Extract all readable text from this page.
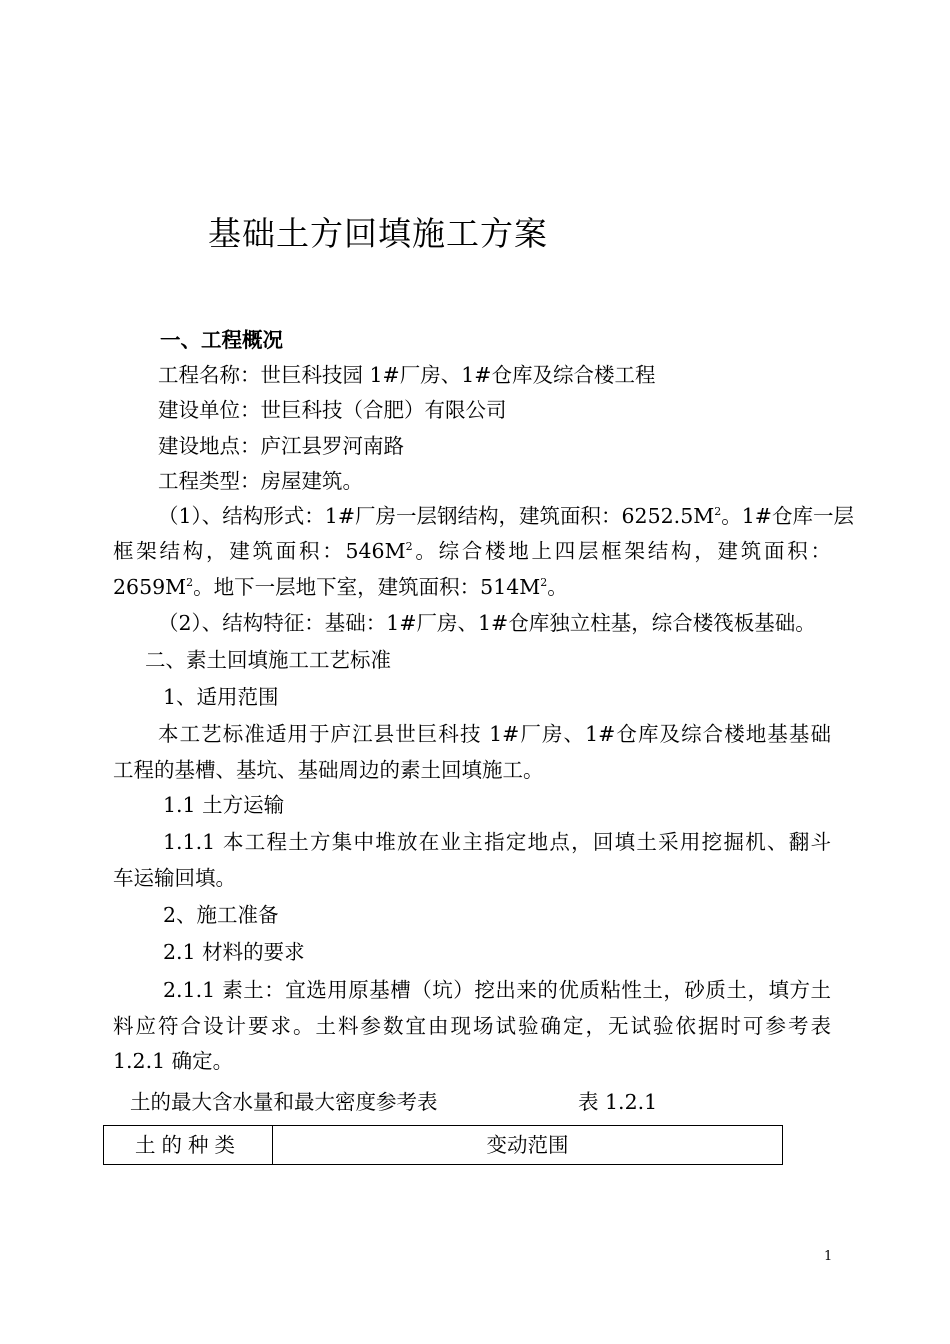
基础土方回填施工方案
一、工程概况
工程名称：世巨科技园 1#厂房、1#仓库及综合楼工程
建设单位：世巨科技（合肥）有限公司
建设地点：庐江县罗河南路
工程类型：房屋建筑。
（1）、结构形式：1#厂房一层钢结构，建筑面积：$6252.5M^2$。1#仓库一层
框架结构，建筑面积：$546M^2$。综合楼地上四层框架结构，建筑面积：
$2659M^2$。地下一层地下室，建筑面积：$514M^2$。
（2）、结构特征：基础：1#厂房、1#仓库独立柱基，综合楼筏板基础。
二、素土回填施工工艺标准
1、适用范围
本工艺标准适用于庐江县世巨科技 1#厂房、1#仓库及综合楼地基基础
工程的基槽、基坑、基础周边的素土回填施工。
1.1 土方运输
1.1.1 本工程土方集中堆放在业主指定地点，回填土采用挖掘机、翻斗
车运输回填。
2、施工准备
2.1 材料的要求
2.1.1 素土：宜选用原基槽（坑）挖出来的优质粘性土，砂质土，填方土
料应符合设计要求。土料参数宜由现场试验确定，无试验依据时可参考表
1.2.1 确定。
土的最大含水量和最大密度参考表	表 1.2.1
土的种类	变动范围
1
